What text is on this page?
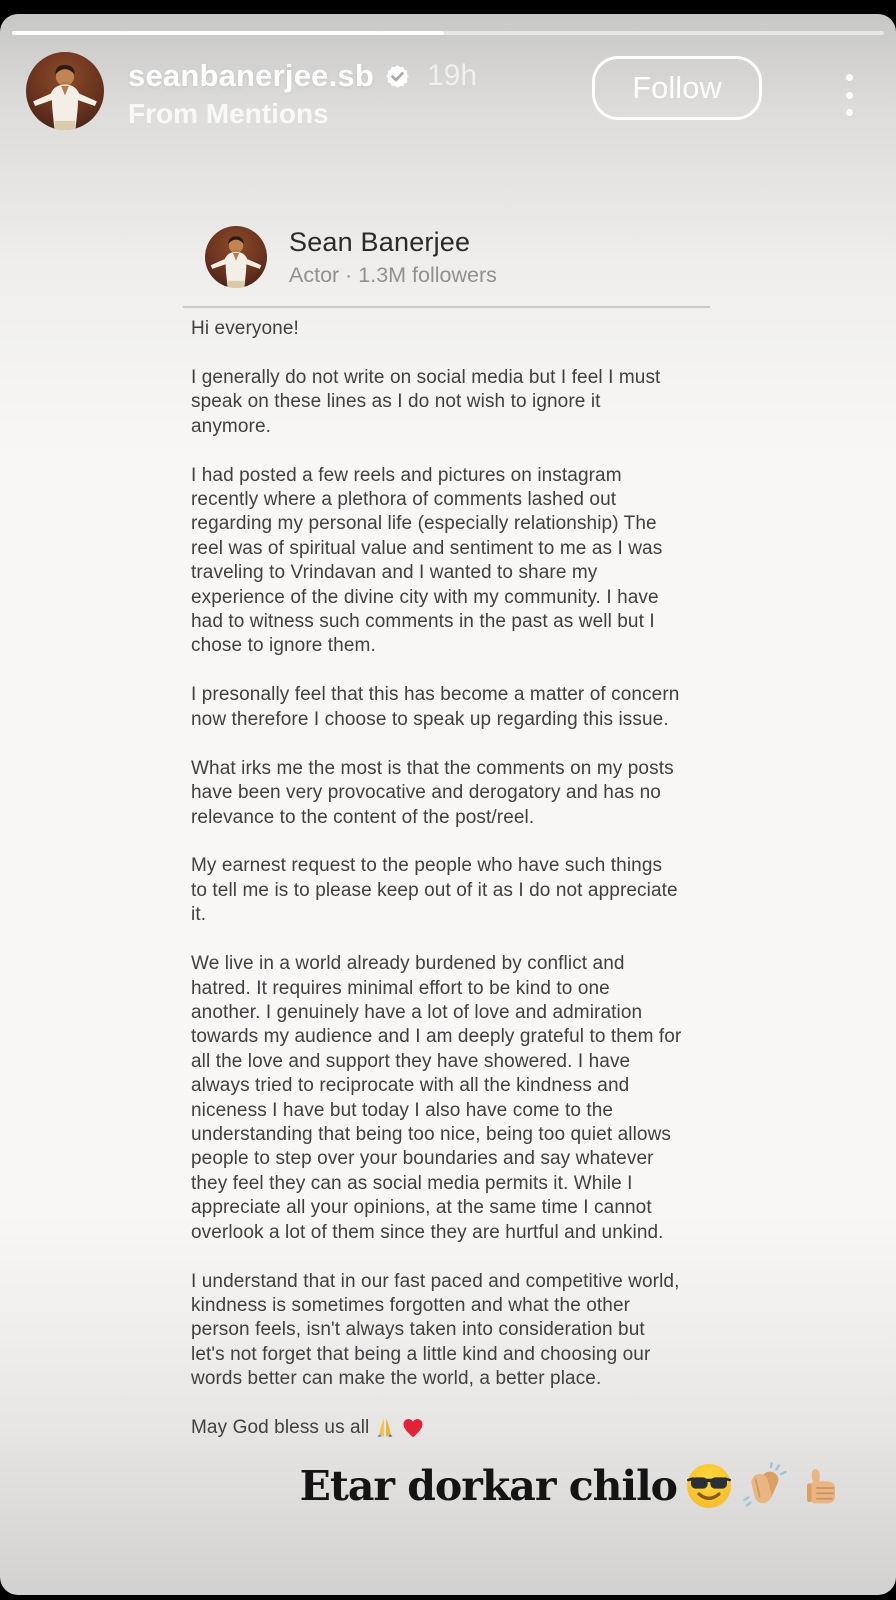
seanbanerjee.sb 19h
From Mentions
Follow
Sean Banerjee
Actor · 1.3M followers

Hi everyone!

I generally do not write on social media but I feel I must speak on these lines as I do not wish to ignore it anymore.

I had posted a few reels and pictures on instagram recently where a plethora of comments lashed out regarding my personal life (especially relationship) The reel was of spiritual value and sentiment to me as I was traveling to Vrindavan and I wanted to share my experience of the divine city with my community. I have had to witness such comments in the past as well but I chose to ignore them.

I presonally feel that this has become a matter of concern now therefore I choose to speak up regarding this issue.

What irks me the most is that the comments on my posts have been very provocative and derogatory and has no relevance to the content of the post/reel.

My earnest request to the people who have such things to tell me is to please keep out of it as I do not appreciate it.

We live in a world already burdened by conflict and hatred. It requires minimal effort to be kind to one another. I genuinely have a lot of love and admiration towards my audience and I am deeply grateful to them for all the love and support they have showered. I have always tried to reciprocate with all the kindness and niceness I have but today I also have come to the understanding that being too nice, being too quiet allows people to step over your boundaries and say whatever they feel they can as social media permits it. While I appreciate all your opinions, at the same time I cannot overlook a lot of them since they are hurtful and unkind.

I understand that in our fast paced and competitive world, kindness is sometimes forgotten and what the other person feels, isn't always taken into consideration but let's not forget that being a little kind and choosing our words better can make the world, a better place.

May God bless us all

Etar dorkar chilo
